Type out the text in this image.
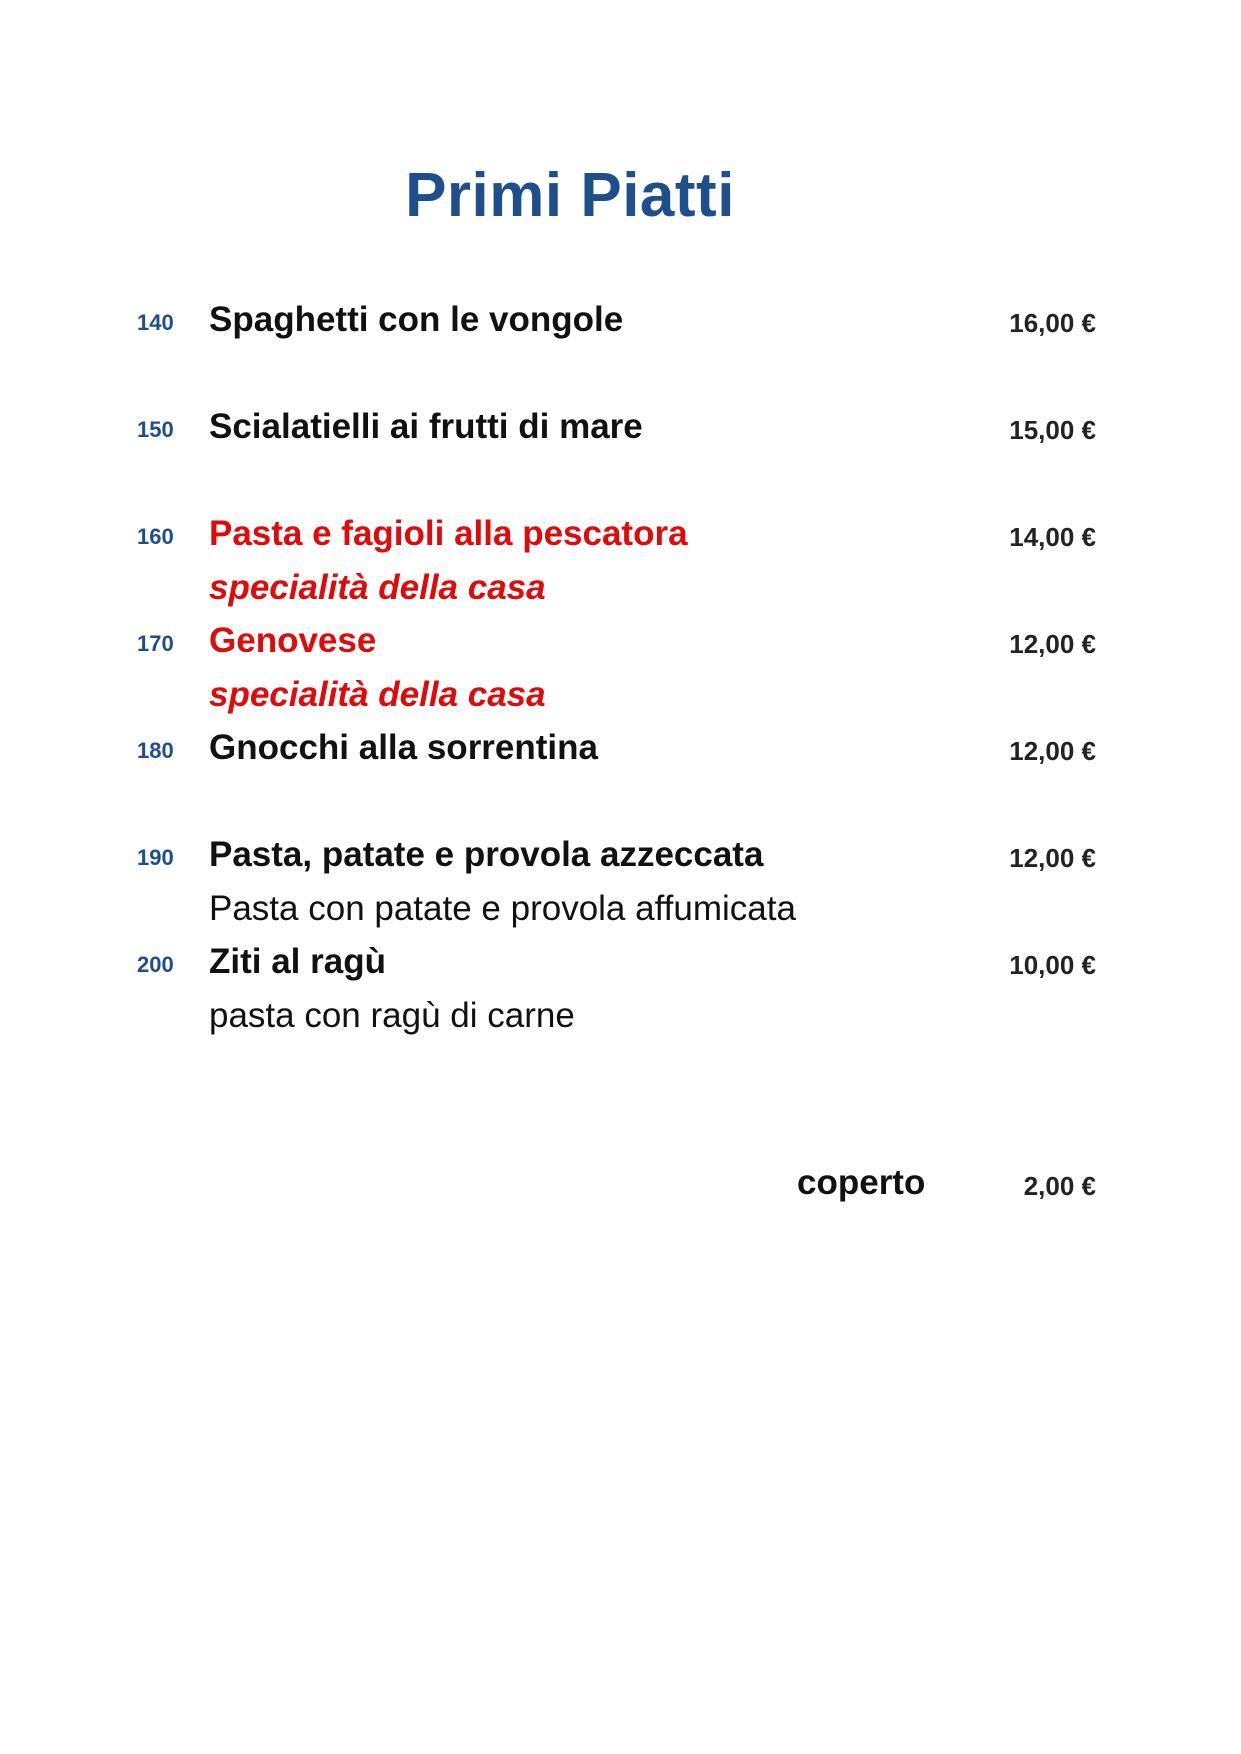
Primi Piatti
140 Spaghetti con le vongole	16,00 €
150 Scialatielli ai frutti di mare	15,00 €
160 Pasta e fagioli alla pescatora	14,00 €
specialità della casa
170 Genovese	12,00 €
specialità della casa
180 Gnocchi alla sorrentina	12,00 €
190 Pasta, patate e provola azzeccata	12,00 €
Pasta con patate e provola affumicata
200 Ziti al ragù	10,00 €
pasta con ragù di carne
coperto	2,00 €
